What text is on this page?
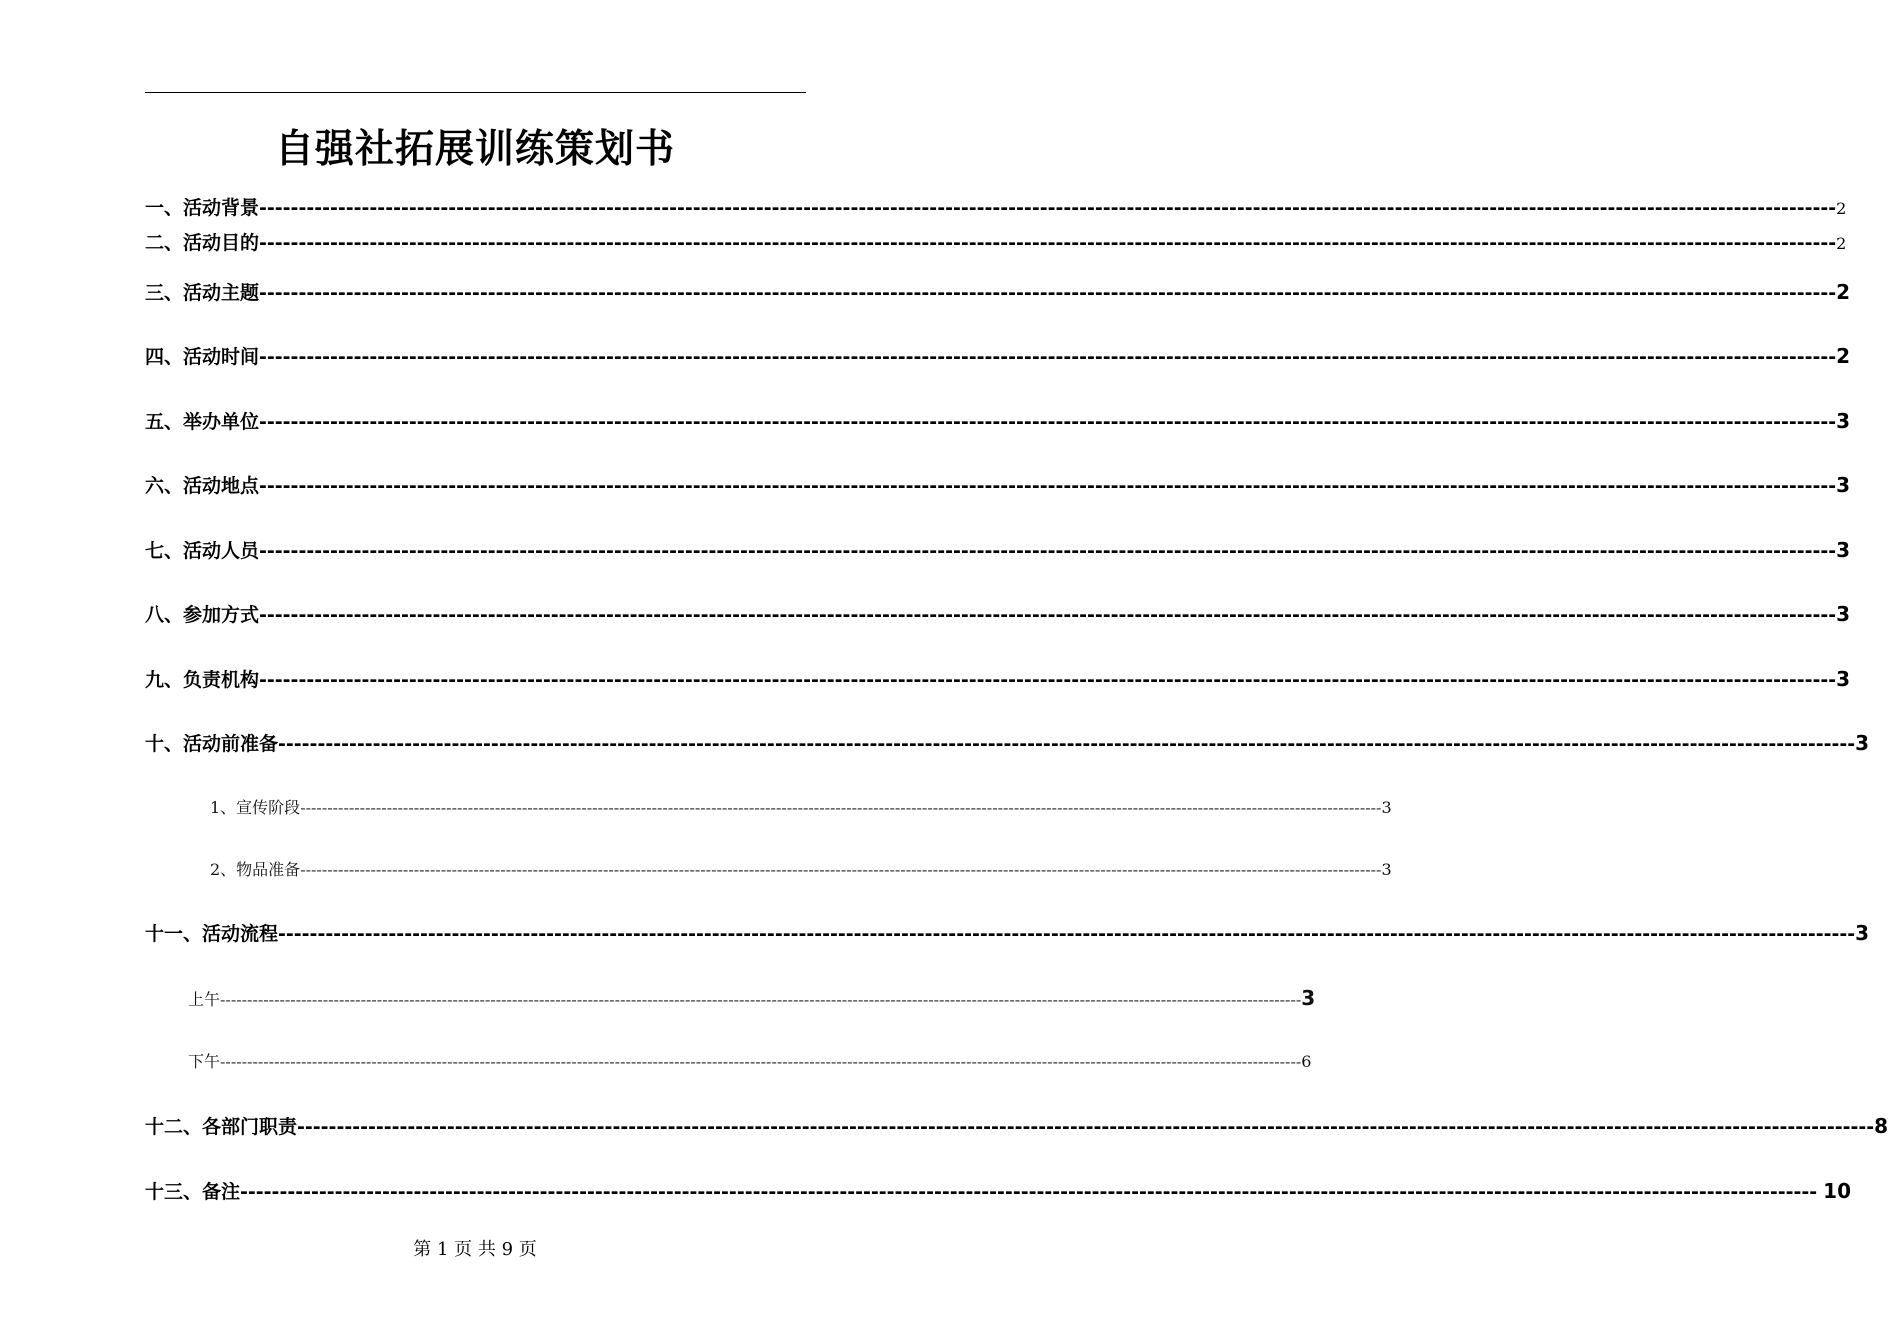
自强社拓展训练策划书
一、活动背景 -------------------------------------------------------------------------------------------------------------------------------------------------------------------------------------------------------- 2
二、活动目的 -------------------------------------------------------------------------------------------------------------------------------------------------------------------------------------------------------- 2
三、活动主题 -------------------------------------------------------------------------------------------------------------------------------------------------------------------------------------------------------- 2
四、活动时间 -------------------------------------------------------------------------------------------------------------------------------------------------------------------------------------------------------- 2
五、举办单位 -------------------------------------------------------------------------------------------------------------------------------------------------------------------------------------------------------- 3
六、活动地点 -------------------------------------------------------------------------------------------------------------------------------------------------------------------------------------------------------- 3
七、活动人员 -------------------------------------------------------------------------------------------------------------------------------------------------------------------------------------------------------- 3
八、参加方式 -------------------------------------------------------------------------------------------------------------------------------------------------------------------------------------------------------- 3
九、负责机构 -------------------------------------------------------------------------------------------------------------------------------------------------------------------------------------------------------- 3
十、活动前准备 -------------------------------------------------------------------------------------------------------------------------------------------------------------------------------------------------------- 3
1、宣传阶段 -------------------------------------------------------------------------------------------------------------------------------------------------------------------------------------------------------- 3
2、物品准备 -------------------------------------------------------------------------------------------------------------------------------------------------------------------------------------------------------- 3
十一、活动流程 -------------------------------------------------------------------------------------------------------------------------------------------------------------------------------------------------------- 3
上午 -------------------------------------------------------------------------------------------------------------------------------------------------------------------------------------------------------- 3
下午 -------------------------------------------------------------------------------------------------------------------------------------------------------------------------------------------------------- 6
十二、各部门职责 -------------------------------------------------------------------------------------------------------------------------------------------------------------------------------------------------------- 8
十三、备注 -------------------------------------------------------------------------------------------------------------------------------------------------------------------------------------------------------- 10
第 1 页 共 9 页
